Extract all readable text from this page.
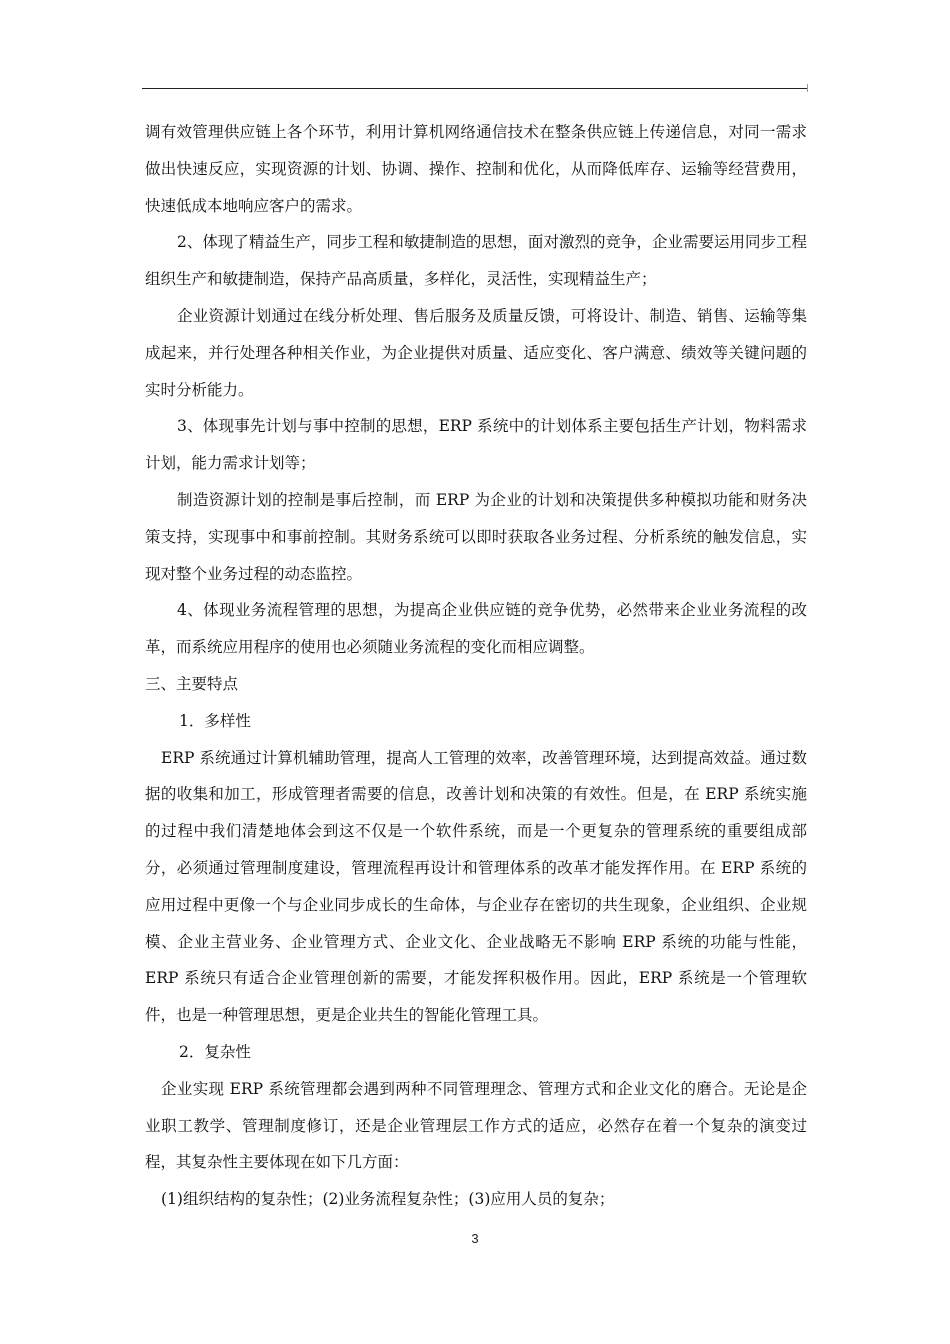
调有效管理供应链上各个环节，利用计算机网络通信技术在整条供应链上传递信息，对同一需求做出快速反应，实现资源的计划、协调、操作、控制和优化，从而降低库存、运输等经营费用，快速低成本地响应客户的需求。

2、体现了精益生产，同步工程和敏捷制造的思想，面对激烈的竞争，企业需要运用同步工程组织生产和敏捷制造，保持产品高质量，多样化，灵活性，实现精益生产；

企业资源计划通过在线分析处理、售后服务及质量反馈，可将设计、制造、销售、运输等集成起来，并行处理各种相关作业，为企业提供对质量、适应变化、客户满意、绩效等关键问题的实时分析能力。

3、体现事先计划与事中控制的思想，ERP 系统中的计划体系主要包括生产计划，物料需求计划，能力需求计划等；

制造资源计划的控制是事后控制，而 ERP 为企业的计划和决策提供多种模拟功能和财务决策支持，实现事中和事前控制。其财务系统可以即时获取各业务过程、分析系统的触发信息，实现对整个业务过程的动态监控。

4、体现业务流程管理的思想，为提高企业供应链的竞争优势，必然带来企业业务流程的改革，而系统应用程序的使用也必须随业务流程的变化而相应调整。

三、主要特点

1．多样性

ERP 系统通过计算机辅助管理，提高人工管理的效率，改善管理环境，达到提高效益。通过数据的收集和加工，形成管理者需要的信息，改善计划和决策的有效性。但是，在 ERP 系统实施的过程中我们清楚地体会到这不仅是一个软件系统，而是一个更复杂的管理系统的重要组成部分，必须通过管理制度建设，管理流程再设计和管理体系的改革才能发挥作用。在 ERP 系统的应用过程中更像一个与企业同步成长的生命体，与企业存在密切的共生现象，企业组织、企业规模、企业主营业务、企业管理方式、企业文化、企业战略无不影响 ERP 系统的功能与性能，ERP 系统只有适合企业管理创新的需要，才能发挥积极作用。因此，ERP 系统是一个管理软件，也是一种管理思想，更是企业共生的智能化管理工具。

2．复杂性

企业实现 ERP 系统管理都会遇到两种不同管理理念、管理方式和企业文化的磨合。无论是企业职工教学、管理制度修订，还是企业管理层工作方式的适应，必然存在着一个复杂的演变过程，其复杂性主要体现在如下几方面：

(1)组织结构的复杂性；(2)业务流程复杂性；(3)应用人员的复杂；

3
